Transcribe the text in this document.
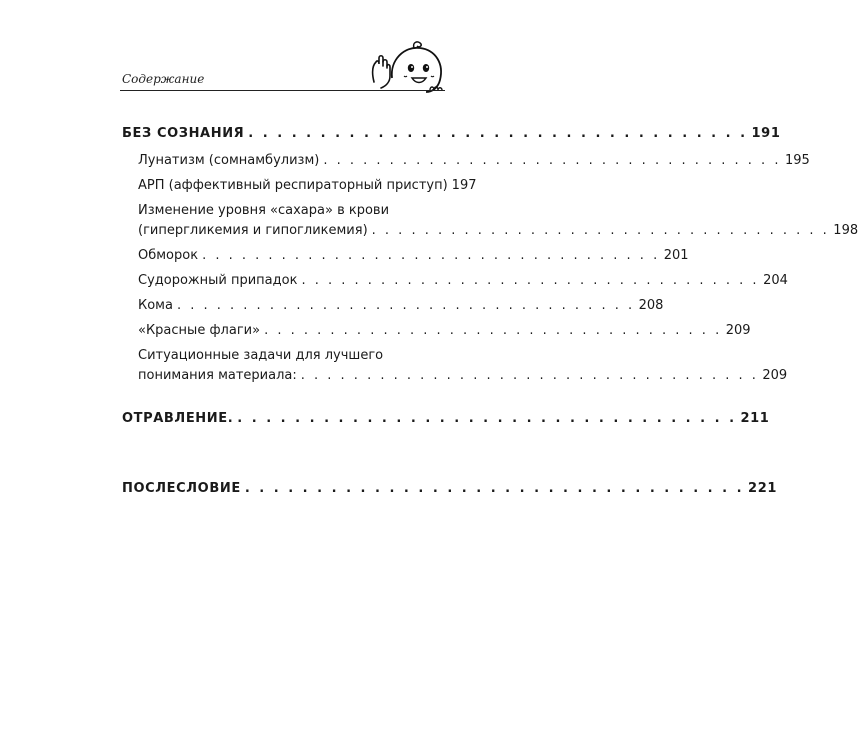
Содержание
БЕЗ СОЗНАНИЯ . . . . . . . . . . . . . . . . . . . . . . . . . . . . . . . . . . . 191
Лунатизм (сомнамбулизм) . . . . . . . . . . . . . . . . . . . . . . . . . . . . . . . . . . . 195
АРП (аффективный респираторный приступ) 197
Изменение уровня «сахара» в крови
(гипергликемия и гипогликемия) . . . . . . . . . . . . . . . . . . . . . . . . . . . . . . . . . . . 198
Обморок . . . . . . . . . . . . . . . . . . . . . . . . . . . . . . . . . . . 201
Судорожный припадок . . . . . . . . . . . . . . . . . . . . . . . . . . . . . . . . . . . 204
Кома . . . . . . . . . . . . . . . . . . . . . . . . . . . . . . . . . . . 208
«Красные флаги» . . . . . . . . . . . . . . . . . . . . . . . . . . . . . . . . . . . 209
Ситуационные задачи для лучшего
понимания материала: . . . . . . . . . . . . . . . . . . . . . . . . . . . . . . . . . . . 209
ОТРАВЛЕНИЕ. . . . . . . . . . . . . . . . . . . . . . . . . . . . . . . . . . . . 211
ПОСЛЕСЛОВИЕ . . . . . . . . . . . . . . . . . . . . . . . . . . . . . . . . . . . 221
